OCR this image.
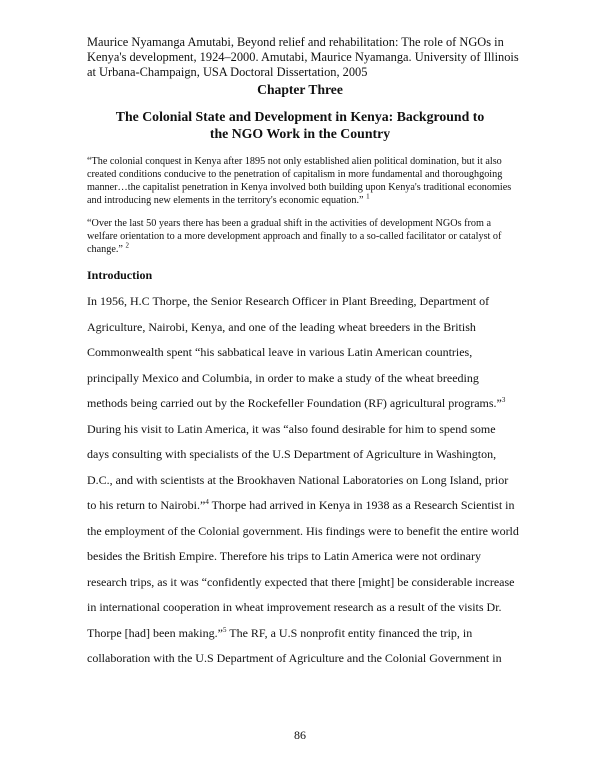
Maurice Nyamanga Amutabi, Beyond relief and rehabilitation: The role of NGOs in Kenya's development, 1924–2000. Amutabi, Maurice Nyamanga. University of Illinois at Urbana-Champaign, USA Doctoral Dissertation, 2005
Chapter Three
The Colonial State and Development in Kenya: Background to the NGO Work in the Country
“The colonial conquest in Kenya after 1895 not only established alien political domination, but it also created conditions conducive to the penetration of capitalism in more fundamental and thoroughgoing manner…the capitalist penetration in Kenya involved both building upon Kenya's traditional economies and introducing new elements in the territory's economic equation.” $^1$
“Over the last 50 years there has been a gradual shift in the activities of development NGOs from a welfare orientation to a more development approach and finally to a so-called facilitator or catalyst of change.” $^2$
Introduction
In 1956, H.C Thorpe, the Senior Research Officer in Plant Breeding, Department of
Agriculture, Nairobi, Kenya, and one of the leading wheat breeders in the British
Commonwealth spent “his sabbatical leave in various Latin American countries,
principally Mexico and Columbia, in order to make a study of the wheat breeding
methods being carried out by the Rockefeller Foundation (RF) agricultural programs.”$^3$
During his visit to Latin America, it was “also found desirable for him to spend some
days consulting with specialists of the U.S Department of Agriculture in Washington,
D.C., and with scientists at the Brookhaven National Laboratories on Long Island, prior
to his return to Nairobi.”$^4$ Thorpe had arrived in Kenya in 1938 as a Research Scientist in
the employment of the Colonial government. His findings were to benefit the entire world
besides the British Empire. Therefore his trips to Latin America were not ordinary
research trips, as it was “confidently expected that there [might] be considerable increase
in international cooperation in wheat improvement research as a result of the visits Dr.
Thorpe [had] been making.”$^5$ The RF, a U.S nonprofit entity financed the trip, in
collaboration with the U.S Department of Agriculture and the Colonial Government in
86
